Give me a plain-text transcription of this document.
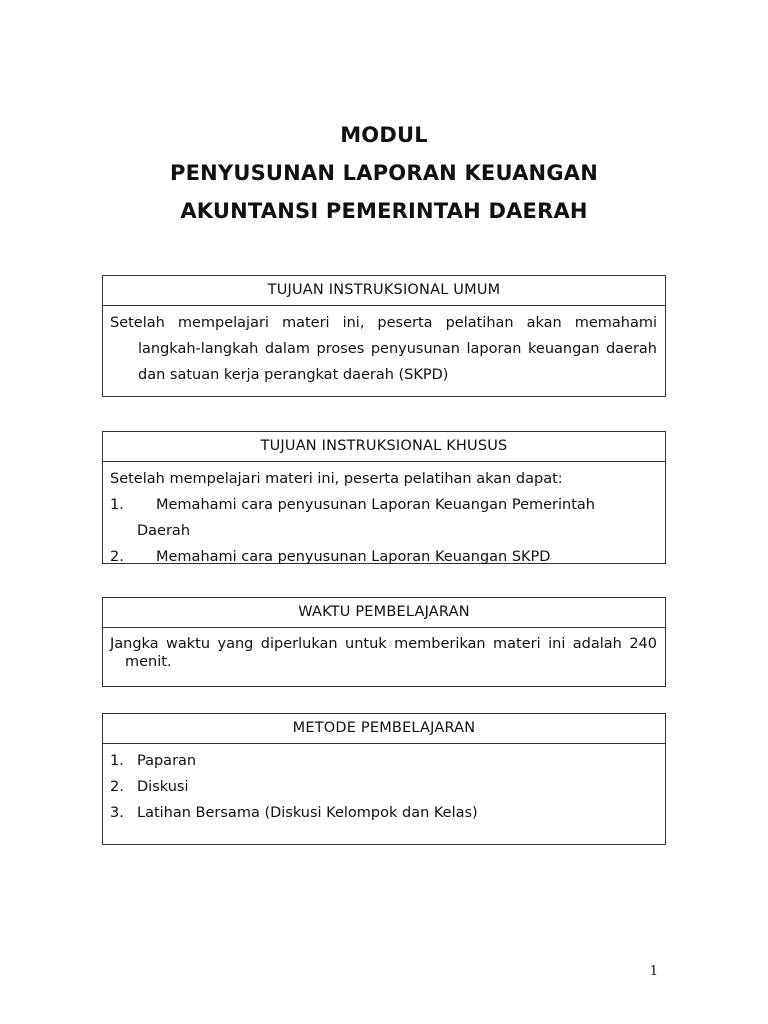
MODUL
PENYUSUNAN LAPORAN KEUANGAN
AKUNTANSI PEMERINTAH DAERAH
TUJUAN INSTRUKSIONAL UMUM
Setelah mempelajari materi ini, peserta pelatihan akan memahami langkah-langkah dalam proses penyusunan laporan keuangan daerah dan satuan kerja perangkat daerah (SKPD)
TUJUAN INSTRUKSIONAL KHUSUS
Setelah mempelajari materi ini, peserta pelatihan akan dapat:
1.	Memahami cara penyusunan Laporan Keuangan Pemerintah
Daerah
2.	Memahami cara penyusunan Laporan Keuangan SKPD
WAKTU PEMBELAJARAN
Jangka waktu yang diperlukan untuk memberikan materi ini adalah 240 menit.
METODE PEMBELAJARAN
1. Paparan
2. Diskusi
3. Latihan Bersama (Diskusi Kelompok dan Kelas)
1
